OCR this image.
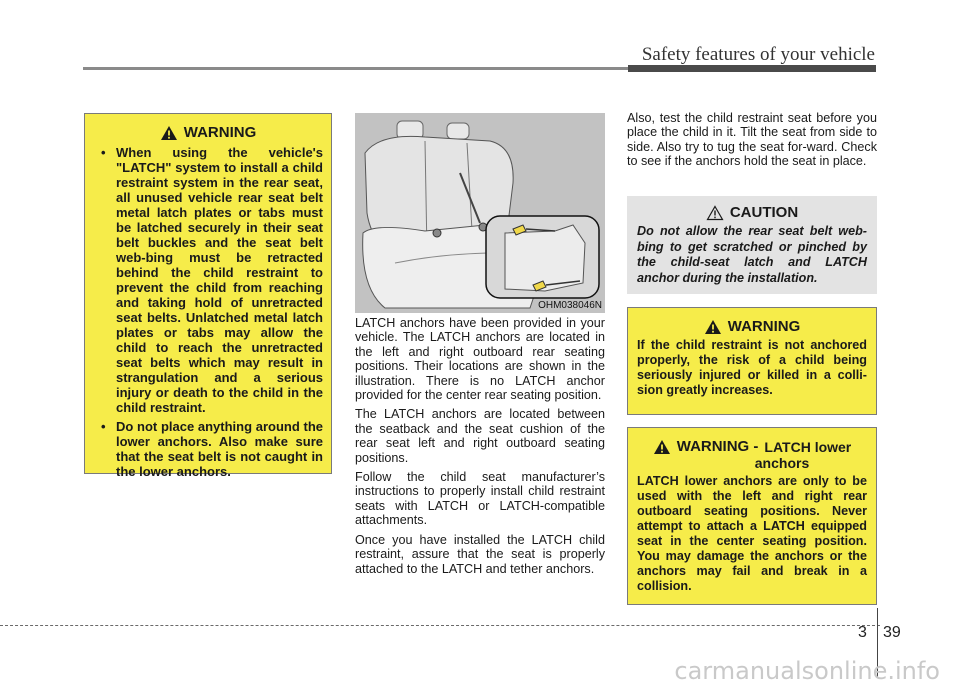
Safety features of your vehicle
WARNING
• When using the vehicle's "LATCH" system to install a child restraint system in the rear seat, all unused vehicle rear seat belt metal latch plates or tabs must be latched securely in their seat belt buckles and the seat belt web-bing must be retracted behind the child restraint to prevent the child from reaching and taking hold of unretracted seat belts. Unlatched metal latch plates or tabs may allow the child to reach the unretracted seat belts which may result in strangulation and a serious injury or death to the child in the child restraint.
• Do not place anything around the lower anchors. Also make sure that the seat belt is not caught in the lower anchors.
OHM038046N

LATCH anchors have been provided in your vehicle. The LATCH anchors are located in the left and right outboard rear seating positions. Their locations are shown in the illustration. There is no LATCH anchor provided for the center rear seating position.

The LATCH anchors are located between the seatback and the seat cushion of the rear seat left and right outboard seating positions.

Follow the child seat manufacturer’s instructions to properly install child restraint seats with LATCH or LATCH-compatible attachments.

Once you have installed the LATCH child restraint, assure that the seat is properly attached to the LATCH and tether anchors.

Also, test the child restraint seat before you place the child in it. Tilt the seat from side to side. Also try to tug the seat for-ward. Check to see if the anchors hold the seat in place.

CAUTION
Do not allow the rear seat belt web-bing to get scratched or pinched by the child-seat latch and LATCH anchor during the installation.
WARNING
If the child restraint is not anchored properly, the risk of a child being seriously injured or killed in a colli-sion greatly increases.
WARNING - LATCH lower
anchors
LATCH lower anchors are only to be used with the left and right rear outboard seating positions. Never attempt to attach a LATCH equipped seat in the center seating position. You may damage the anchors or the anchors may fail and break in a collision.
3 39
carmanualsonline.info
